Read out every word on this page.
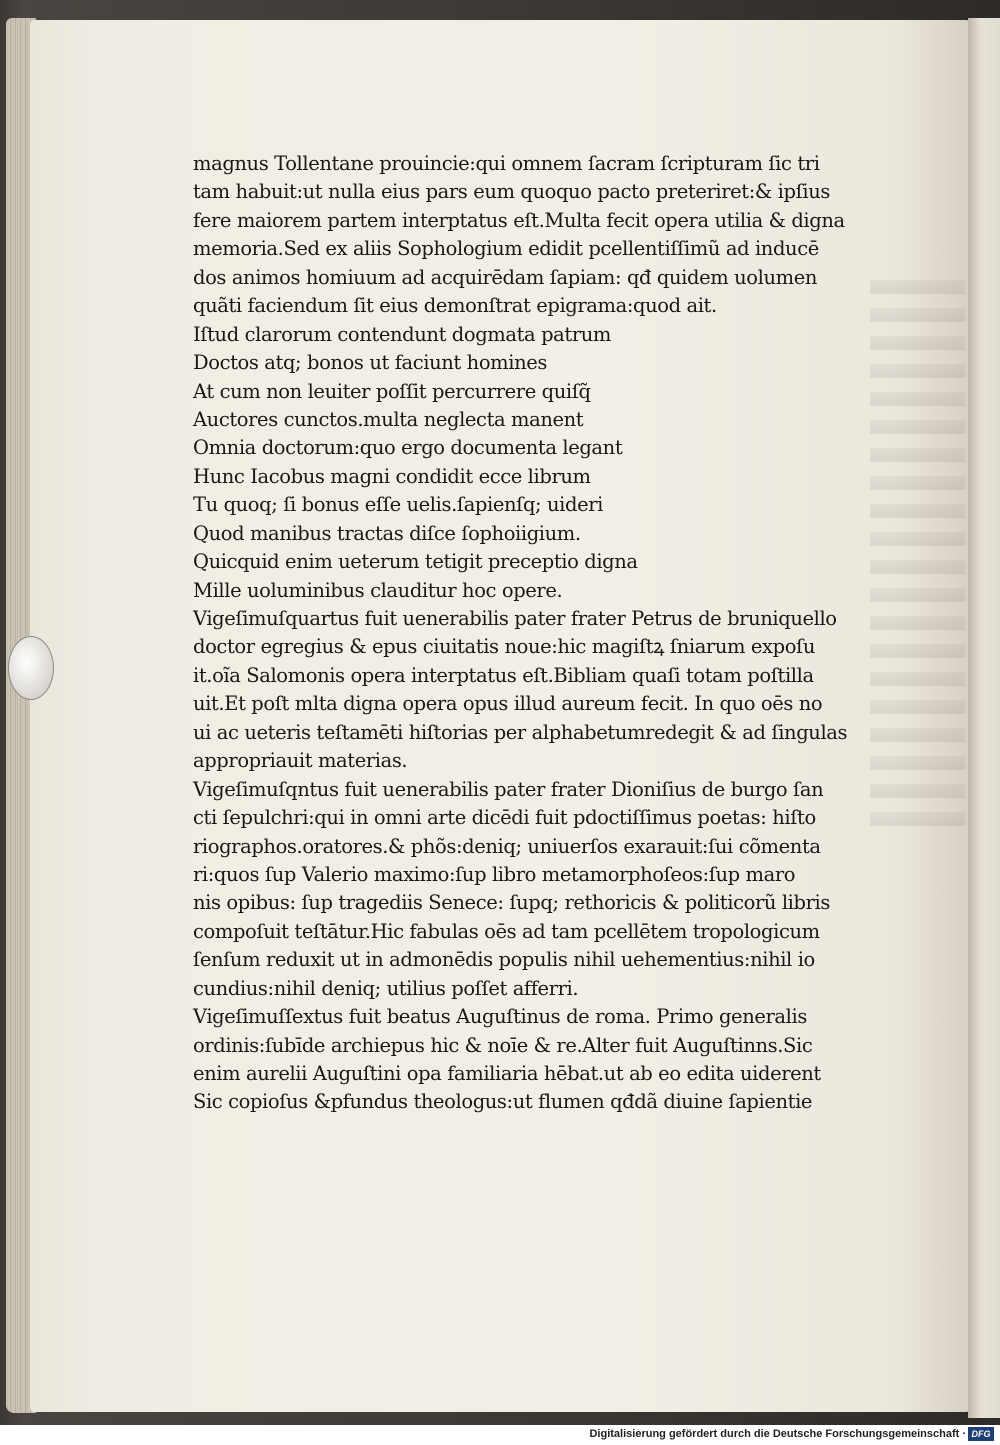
magnus Tollentane prouincie:qui omnem ſacram ſcripturam ſic tri
tam habuit:ut nulla eius pars eum quoquo pacto preteriret:& ipſius
fere maiorem partem interptatus eſt.Multa fecit opera utilia & digna
memoria.Sed ex aliis Sophologium edidit pcellentiſſimũ ad inducē
dos animos homiuum ad acquirēdam ſapiam: qđ quidem uolumen
quãti faciendum ſit eius demonſtrat epigrama:quod ait.
Iſtud clarorum contendunt dogmata patrum
Doctos atq; bonos ut faciunt homines
At cum non leuiter poſſit percurrere quiſq̃
Auctores cunctos.multa neglecta manent
Omnia doctorum:quo ergo documenta legant
Hunc Iacobus magni condidit ecce librum
Tu quoq; ſi bonus eſſe uelis.ſapienſq; uideri
Quod manibus tractas diſce ſophoiigium.
Quicquid enim ueterum tetigit preceptio digna
Mille uoluminibus clauditur hoc opere.
Vigeſimuſquartus fuit uenerabilis pater frater Petrus de bruniquello
doctor egregius & epus ciuitatis noue:hic magiſtꝝ ſniarum expoſu
it.oĩa Salomonis opera interptatus eſt.Bibliam quaſi totam poſtilla
uit.Et poſt mlta digna opera opus illud aureum fecit. In quo oēs no
ui ac ueteris teſtamēti hiſtorias per alphabetumredegit & ad ſingulas
appropriauit materias.
Vigeſimuſqntus fuit uenerabilis pater frater Dioniſius de burgo ſan
cti ſepulchri:qui in omni arte dicēdi fuit pdoctiſſimus poetas: hiſto
riographos.oratores.& phõs:deniq; uniuerſos exarauit:ſui cõmenta
ri:quos ſup Valerio maximo:ſup libro metamorphoſeos:ſup maro
nis opibus: ſup tragediis Senece: ſupq; rethoricis & politicorũ libris
compoſuit teſtātur.Hic fabulas oēs ad tam pcellētem tropologicum
ſenſum reduxit ut in admonēdis populis nihil uehementius:nihil io
cundius:nihil deniq; utilius poſſet afferri.
Vigeſimuſſextus fuit beatus Auguſtinus de roma. Primo generalis
ordinis:ſubīde archiepus hic & noīe & re.Alter fuit Auguſtinns.Sic
enim aurelii Auguſtini opa familiaria hēbat.ut ab eo edita uiderent
Sic copioſus &pfundus theologus:ut flumen qđdã diuine ſapientie
Digitalisierung gefördert durch die Deutsche Forschungsgemeinschaft · DFG
